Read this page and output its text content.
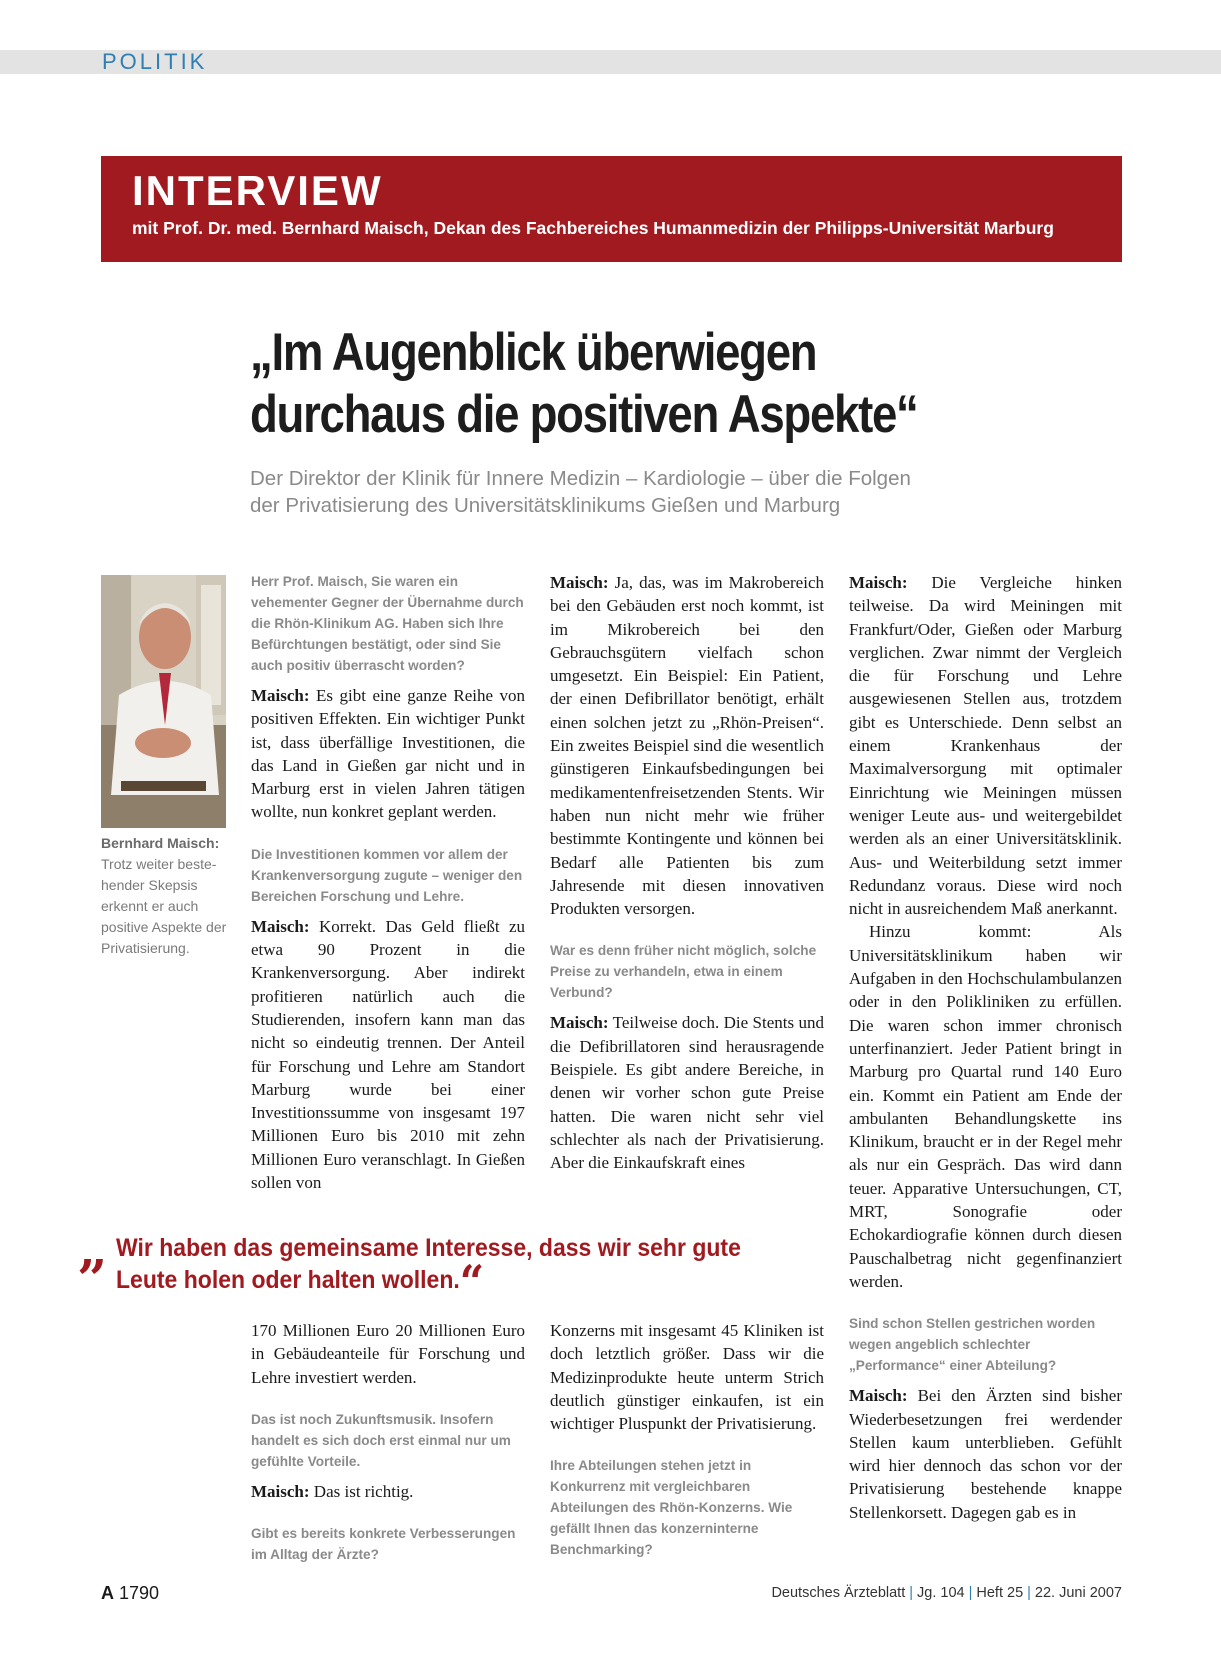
POLITIK
INTERVIEW
mit Prof. Dr. med. Bernhard Maisch, Dekan des Fachbereiches Humanmedizin der Philipps-Universität Marburg
„Im Augenblick überwiegen
durchaus die positiven Aspekte“
Der Direktor der Klinik für Innere Medizin – Kardiologie – über die Folgen
der Privatisierung des Universitätsklinikums Gießen und Marburg
Bernhard Maisch:
Trotz weiter beste-
hender Skepsis
erkennt er auch
positive Aspekte der
Privatisierung.

Herr Prof. Maisch, Sie waren ein vehementer Gegner der Übernahme durch die Rhön-Klinikum AG. Haben sich Ihre Befürchtungen bestätigt, oder sind Sie auch positiv überrascht worden?

Maisch: Es gibt eine ganze Reihe von positiven Effekten. Ein wichtiger Punkt ist, dass überfällige Investitionen, die das Land in Gießen gar nicht und in Marburg erst in vielen Jahren tätigen wollte, nun konkret geplant werden.

Die Investitionen kommen vor allem der Krankenversorgung zugute – weniger den Bereichen Forschung und Lehre.

Maisch: Korrekt. Das Geld fließt zu etwa 90 Prozent in die Krankenversorgung. Aber indirekt profitieren natürlich auch die Studierenden, insofern kann man das nicht so eindeutig trennen. Der Anteil für Forschung und Lehre am Standort Marburg wurde bei einer Investitionssumme von insgesamt 197 Millionen Euro bis 2010 mit zehn Millionen Euro veranschlagt. In Gießen sollen von

Maisch: Ja, das, was im Makrobereich bei den Gebäuden erst noch kommt, ist im Mikrobereich bei den Gebrauchsgütern vielfach schon umgesetzt. Ein Beispiel: Ein Patient, der einen Defibrillator benötigt, erhält einen solchen jetzt zu „Rhön-Preisen“. Ein zweites Beispiel sind die wesentlich günstigeren Einkaufsbedingungen bei medikamentenfreisetzenden Stents. Wir haben nun nicht mehr wie früher bestimmte Kontingente und können bei Bedarf alle Patienten bis zum Jahresende mit diesen innovativen Produkten versorgen.

War es denn früher nicht möglich, solche Preise zu verhandeln, etwa in einem Verbund?

Maisch: Teilweise doch. Die Stents und die Defibrillatoren sind herausragende Beispiele. Es gibt andere Bereiche, in denen wir vorher schon gute Preise hatten. Die waren nicht sehr viel schlechter als nach der Privatisierung. Aber die Einkaufskraft eines

Maisch: Die Vergleiche hinken teilweise. Da wird Meiningen mit Frankfurt/Oder, Gießen oder Marburg verglichen. Zwar nimmt der Vergleich die für Forschung und Lehre ausgewiesenen Stellen aus, trotzdem gibt es Unterschiede. Denn selbst an einem Krankenhaus der Maximalversorgung mit optimaler Einrichtung wie Meiningen müssen weniger Leute aus- und weitergebildet werden als an einer Universitätsklinik. Aus- und Weiterbildung setzt immer Redundanz voraus. Diese wird noch nicht in ausreichendem Maß anerkannt.

Hinzu kommt: Als Universitätsklinikum haben wir Aufgaben in den Hochschulambulanzen oder in den Polikliniken zu erfüllen. Die waren schon immer chronisch unterfinanziert. Jeder Patient bringt in Marburg pro Quartal rund 140 Euro ein. Kommt ein Patient am Ende der ambulanten Behandlungskette ins Klinikum, braucht er in der Regel mehr als nur ein Gespräch. Das wird dann teuer. Apparative Untersuchungen, CT, MRT, Sonografie oder Echokardiografie können durch diesen Pauschalbetrag nicht gegenfinanziert werden.

Sind schon Stellen gestrichen worden wegen angeblich schlechter „Performance“ einer Abteilung?

Maisch: Bei den Ärzten sind bisher Wiederbesetzungen frei werdender Stellen kaum unterblieben. Gefühlt wird hier dennoch das schon vor der Privatisierung bestehende knappe Stellenkorsett. Dagegen gab es in

„ Wir haben das gemeinsame Interesse, dass wir sehr gute
Leute holen oder halten wollen.“

170 Millionen Euro 20 Millionen Euro in Gebäudeanteile für Forschung und Lehre investiert werden.

Das ist noch Zukunftsmusik. Insofern handelt es sich doch erst einmal nur um gefühlte Vorteile.

Maisch: Das ist richtig.

Gibt es bereits konkrete Verbesserungen im Alltag der Ärzte?

Konzerns mit insgesamt 45 Kliniken ist doch letztlich größer. Dass wir die Medizinprodukte heute unterm Strich deutlich günstiger einkaufen, ist ein wichtiger Pluspunkt der Privatisierung.

Ihre Abteilungen stehen jetzt in Konkurrenz mit vergleichbaren Abteilungen des Rhön-Konzerns. Wie gefällt Ihnen das konzerninterne Benchmarking?

A 1790	Deutsches Ärzteblatt | Jg. 104 | Heft 25 | 22. Juni 2007
